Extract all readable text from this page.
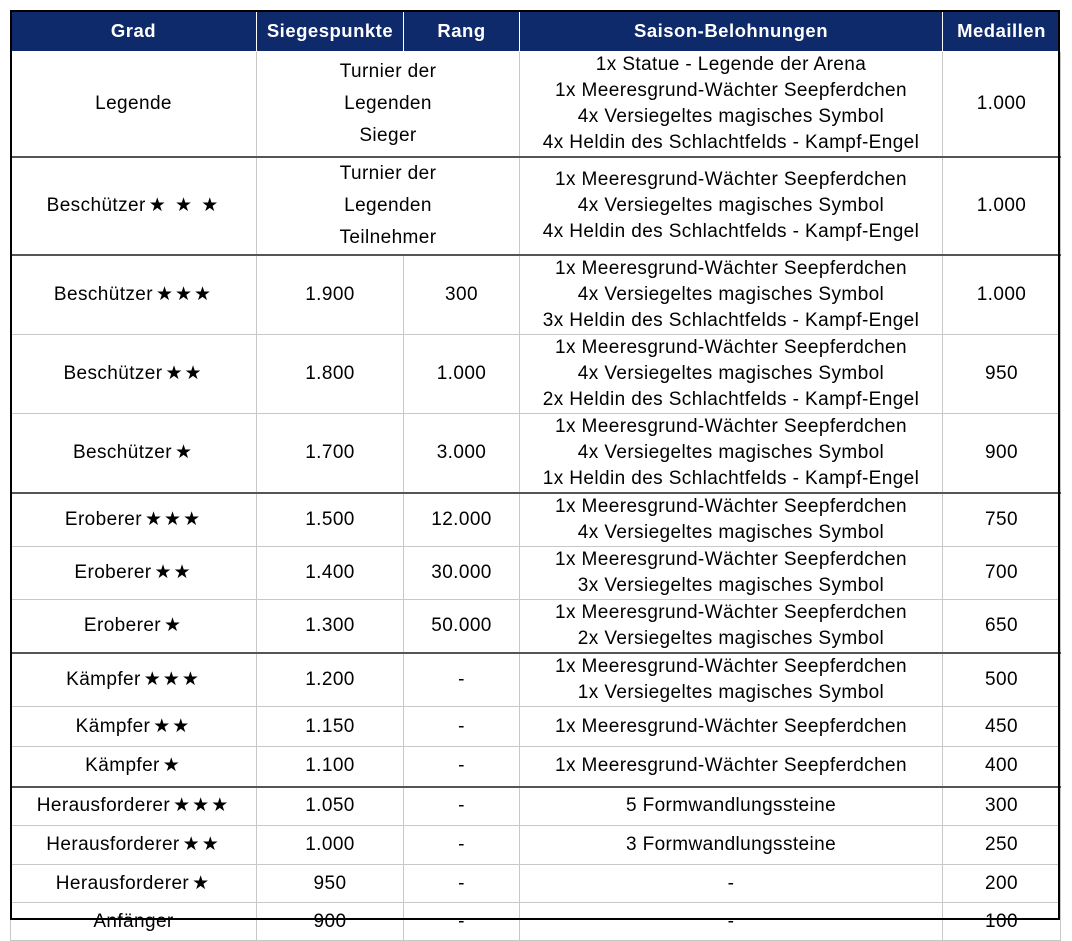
Grad	Siegespunkte	Rang	Saison-Belohnungen	Medaillen
Legende	Turnier der Legenden Sieger		1x Statue - Legende der Arena
1x Meeresgrund-Wächter Seepferdchen
4x Versiegeltes magisches Symbol
4x Heldin des Schlachtfelds - Kampf-Engel	1.000
Beschützer ★ ★ ★	Turnier der Legenden Teilnehmer		1x Meeresgrund-Wächter Seepferdchen
4x Versiegeltes magisches Symbol
4x Heldin des Schlachtfelds - Kampf-Engel	1.000
Beschützer ★★★	1.900	300	1x Meeresgrund-Wächter Seepferdchen
4x Versiegeltes magisches Symbol
3x Heldin des Schlachtfelds - Kampf-Engel	1.000
Beschützer ★★	1.800	1.000	1x Meeresgrund-Wächter Seepferdchen
4x Versiegeltes magisches Symbol
2x Heldin des Schlachtfelds - Kampf-Engel	950
Beschützer ★	1.700	3.000	1x Meeresgrund-Wächter Seepferdchen
4x Versiegeltes magisches Symbol
1x Heldin des Schlachtfelds - Kampf-Engel	900
Eroberer ★★★	1.500	12.000	1x Meeresgrund-Wächter Seepferdchen
4x Versiegeltes magisches Symbol	750
Eroberer ★★	1.400	30.000	1x Meeresgrund-Wächter Seepferdchen
3x Versiegeltes magisches Symbol	700
Eroberer ★	1.300	50.000	1x Meeresgrund-Wächter Seepferdchen
2x Versiegeltes magisches Symbol	650
Kämpfer ★★★	1.200	-	1x Meeresgrund-Wächter Seepferdchen
1x Versiegeltes magisches Symbol	500
Kämpfer ★★	1.150	-	1x Meeresgrund-Wächter Seepferdchen	450
Kämpfer ★	1.100	-	1x Meeresgrund-Wächter Seepferdchen	400
Herausforderer ★★★	1.050	-	5 Formwandlungssteine	300
Herausforderer ★★	1.000	-	3 Formwandlungssteine	250
Herausforderer ★	950	-	-	200
Anfänger	900	-	-	100
